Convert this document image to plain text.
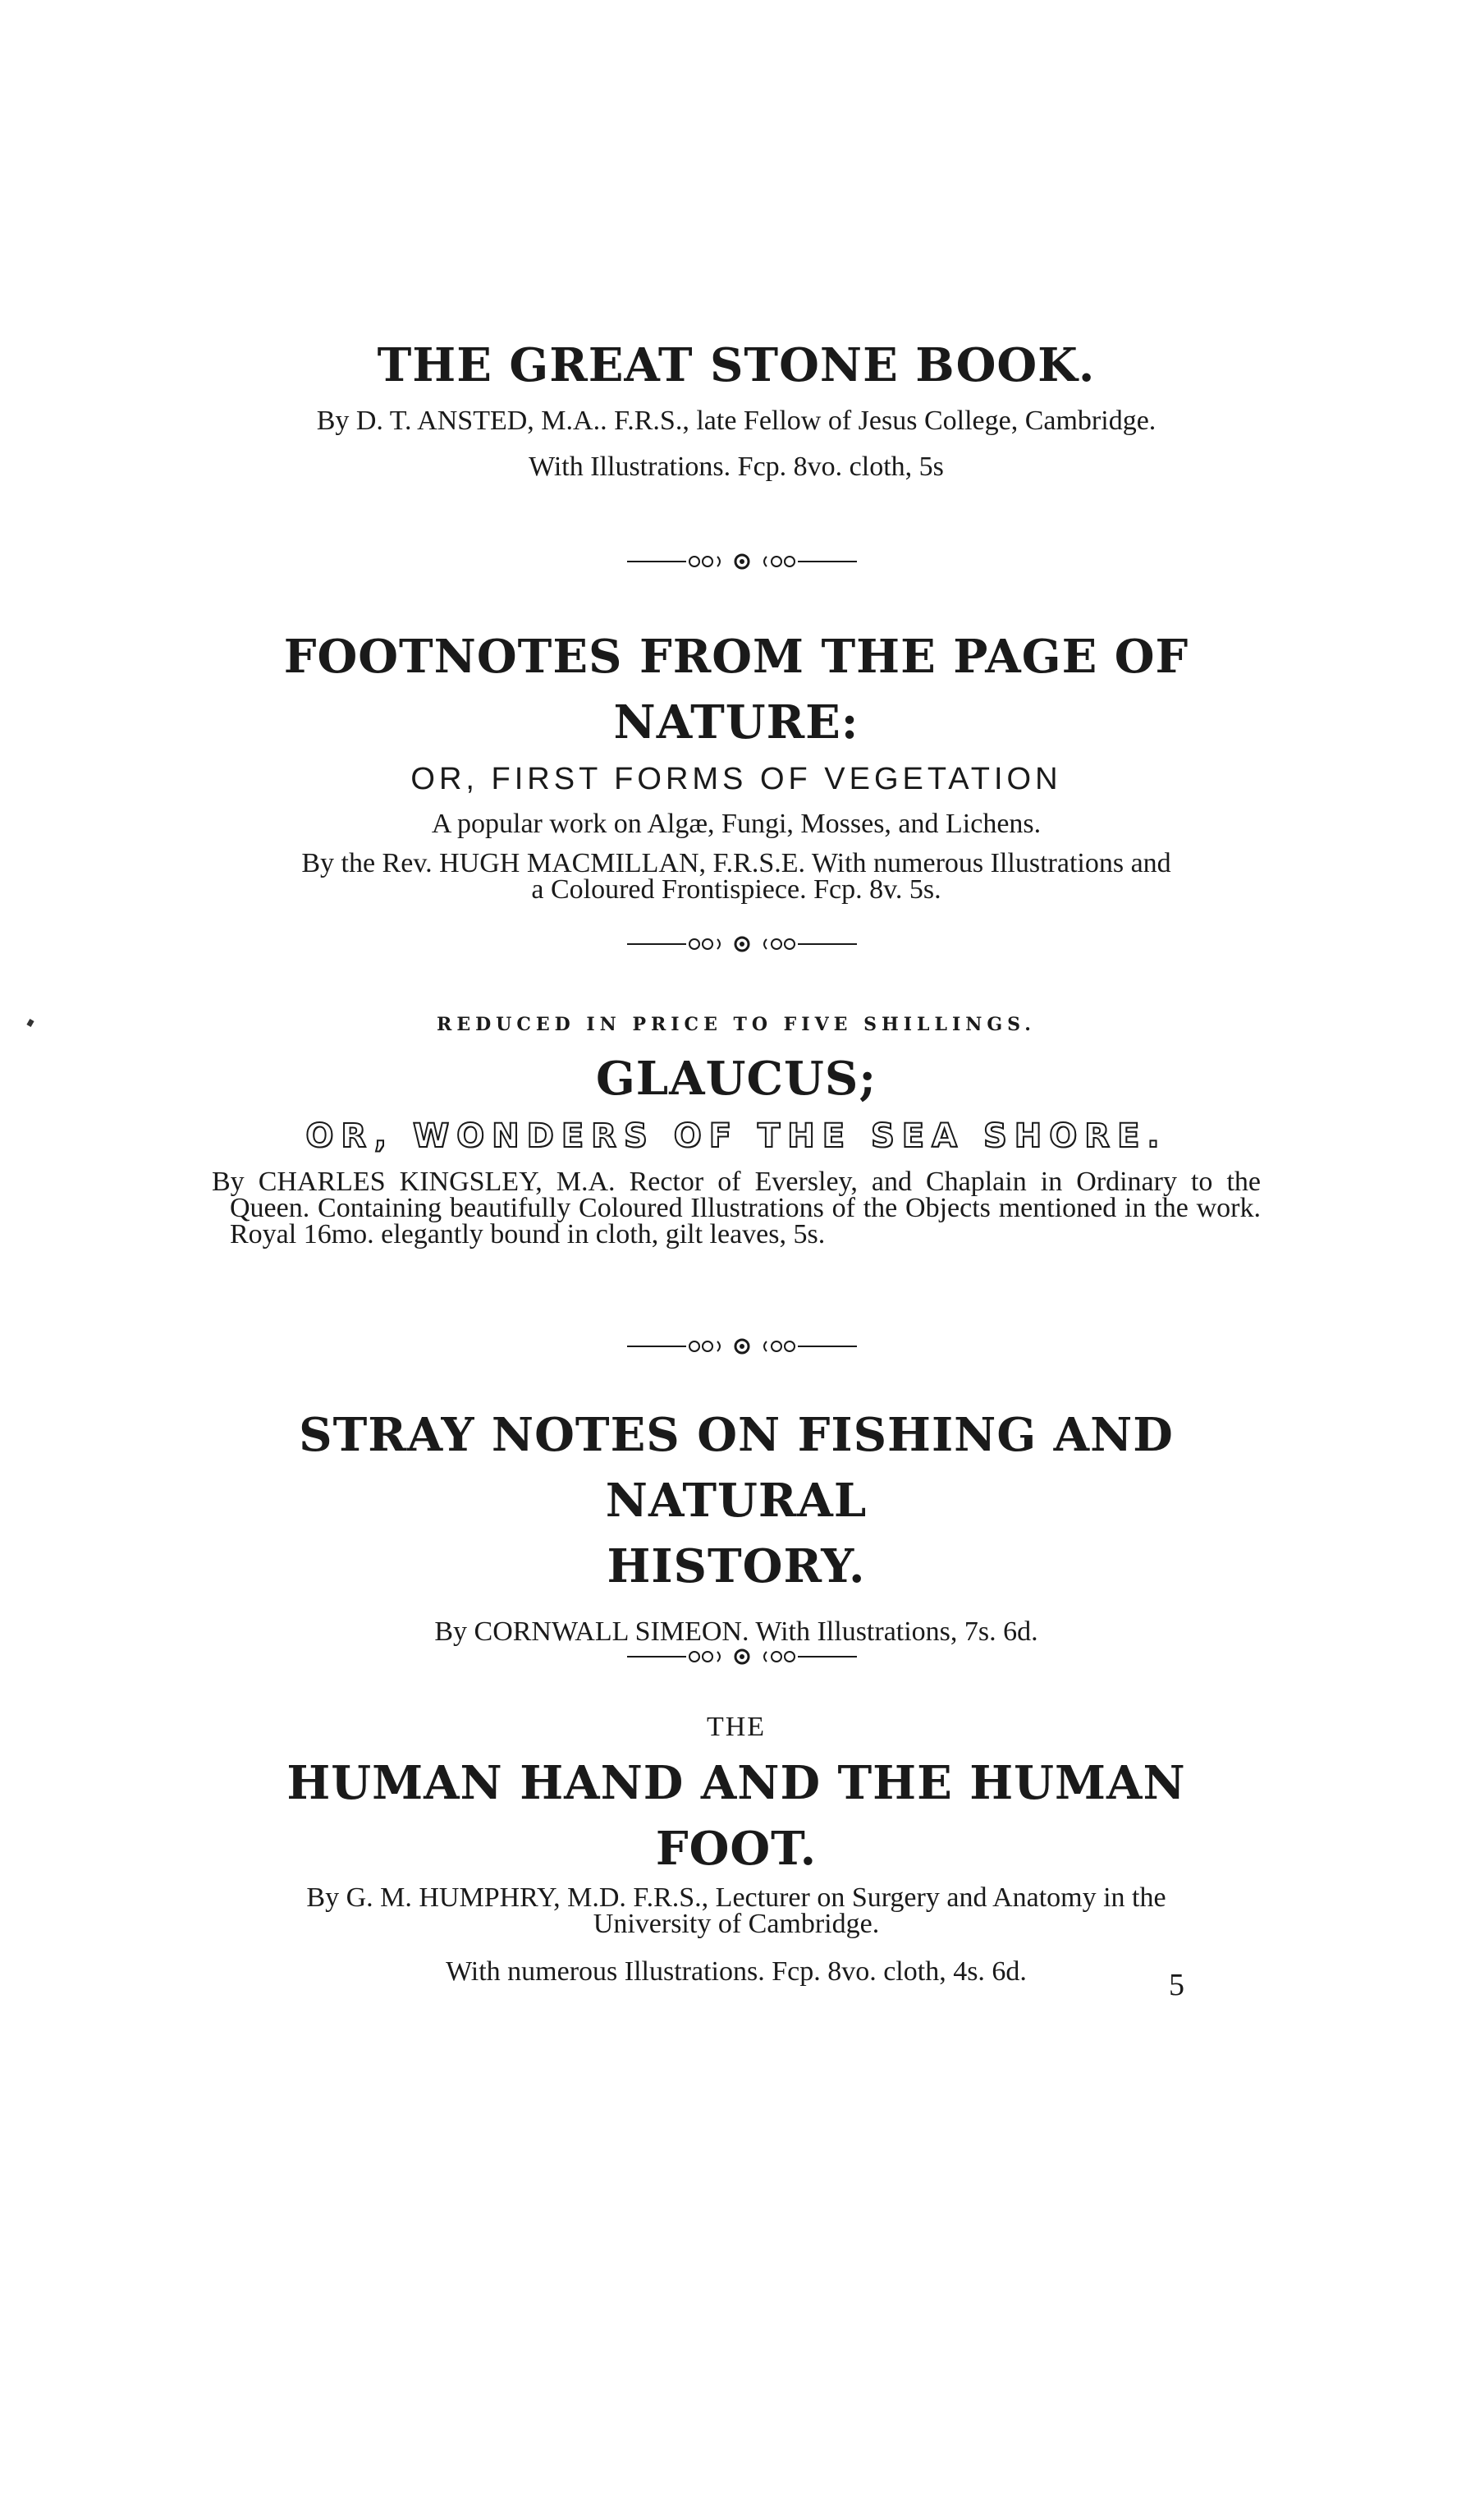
THE GREAT STONE BOOK.

By D. T. ANSTED, M.A.. F.R.S., late Fellow of Jesus College, Cambridge.

With Illustrations. Fcp. 8vo. cloth, 5s

FOOTNOTES FROM THE PAGE OF NATURE:

OR, FIRST FORMS OF VEGETATION

A popular work on Algæ, Fungi, Mosses, and Lichens.

By the Rev. HUGH MACMILLAN, F.R.S.E. With numerous Illustrations and

a Coloured Frontispiece. Fcp. 8v. 5s.

REDUCED IN PRICE TO FIVE SHILLINGS.

GLAUCUS;

OR, WONDERS OF THE SEA SHORE.

By CHARLES KINGSLEY, M.A. Rector of Eversley, and Chaplain in Ordinary to the Queen. Containing beautifully Coloured Illustrations of the Objects mentioned in the work. Royal 16mo. elegantly bound in cloth, gilt leaves, 5s.

STRAY NOTES ON FISHING AND NATURAL

HISTORY.

By CORNWALL SIMEON. With Illustrations, 7s. 6d.

THE

HUMAN HAND AND THE HUMAN FOOT.

By G. M. HUMPHRY, M.D. F.R.S., Lecturer on Surgery and Anatomy in the

University of Cambridge.

With numerous Illustrations. Fcp. 8vo. cloth, 4s. 6d.	5
